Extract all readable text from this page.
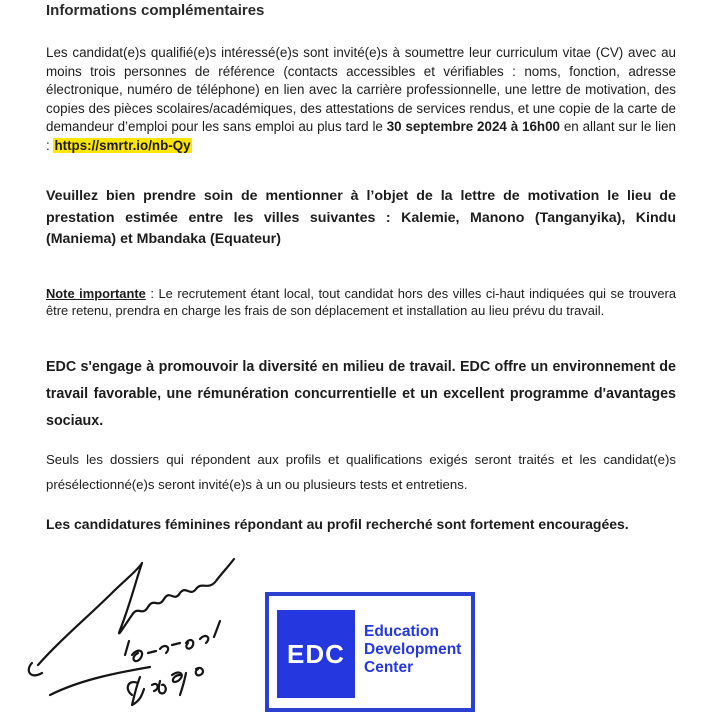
Informations complémentaires
Les candidat(e)s qualifié(e)s intéressé(e)s sont invité(e)s à soumettre leur curriculum vitae (CV) avec au moins trois personnes de référence (contacts accessibles et vérifiables : noms, fonction, adresse électronique, numéro de téléphone) en lien avec la carrière professionnelle, une lettre de motivation, des copies des pièces scolaires/académiques, des attestations de services rendus, et une copie de la carte de demandeur d’emploi pour les sans emploi au plus tard le 30 septembre 2024 à 16h00 en allant sur le lien : https://smrtr.io/nb-Qy
Veuillez bien prendre soin de mentionner à l’objet de la lettre de motivation le lieu de prestation estimée entre les villes suivantes : Kalemie, Manono (Tanganyika), Kindu (Maniema) et Mbandaka (Equateur)
Note importante : Le recrutement étant local, tout candidat hors des villes ci-haut indiquées qui se trouvera être retenu, prendra en charge les frais de son déplacement et installation au lieu prévu du travail.
EDC s'engage à promouvoir la diversité en milieu de travail. EDC offre un environnement de travail favorable, une rémunération concurrentielle et un excellent programme d'avantages sociaux.
Seuls les dossiers qui répondent aux profils et qualifications exigés seront traités et les candidat(e)s présélectionné(e)s seront invité(e)s à un ou plusieurs tests et entretiens.
Les candidatures féminines répondant au profil recherché sont fortement encouragées.
EDC
Education
Development
Center
